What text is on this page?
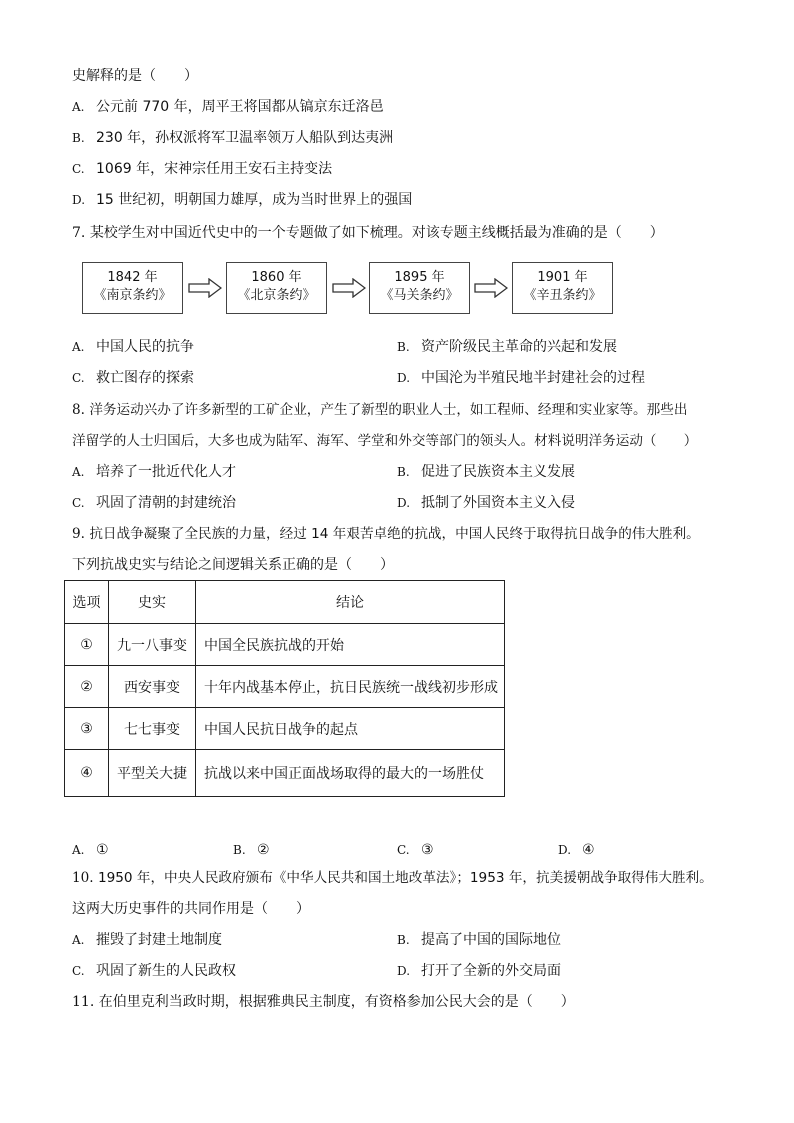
史解释的是（　　）
A. 公元前 770 年，周平王将国都从镐京东迁洛邑
B. 230 年，孙权派将军卫温率领万人船队到达夷洲
C. 1069 年，宋神宗任用王安石主持变法
D. 15 世纪初，明朝国力雄厚，成为当时世界上的强国
7. 某校学生对中国近代史中的一个专题做了如下梳理。对该专题主线概括最为准确的是（　　）
1842 年
《南京条约》
1860 年
《北京条约》
1895 年
《马关条约》
1901 年
《辛丑条约》
A. 中国人民的抗争	B. 资产阶级民主革命的兴起和发展
C. 救亡图存的探索	D. 中国沦为半殖民地半封建社会的过程
8. 洋务运动兴办了许多新型的工矿企业，产生了新型的职业人士，如工程师、经理和实业家等。那些出
洋留学的人士归国后，大多也成为陆军、海军、学堂和外交等部门的领头人。材料说明洋务运动（　　）
A. 培养了一批近代化人才	B. 促进了民族资本主义发展
C. 巩固了清朝的封建统治	D. 抵制了外国资本主义入侵
9. 抗日战争凝聚了全民族的力量，经过 14 年艰苦卓绝的抗战，中国人民终于取得抗日战争的伟大胜利。
下列抗战史实与结论之间逻辑关系正确的是（　　）
选项	史实	结论
①	九一八事变	中国全民族抗战的开始
②	西安事变	十年内战基本停止，抗日民族统一战线初步形成
③	七七事变	中国人民抗日战争的起点
④	平型关大捷	抗战以来中国正面战场取得的最大的一场胜仗
A. ①	B. ②	C. ③	D. ④
10. 1950 年，中央人民政府颁布《中华人民共和国土地改革法》；1953 年，抗美援朝战争取得伟大胜利。
这两大历史事件的共同作用是（　　）
A. 摧毁了封建土地制度	B. 提高了中国的国际地位
C. 巩固了新生的人民政权	D. 打开了全新的外交局面
11. 在伯里克利当政时期，根据雅典民主制度，有资格参加公民大会的是（　　）
